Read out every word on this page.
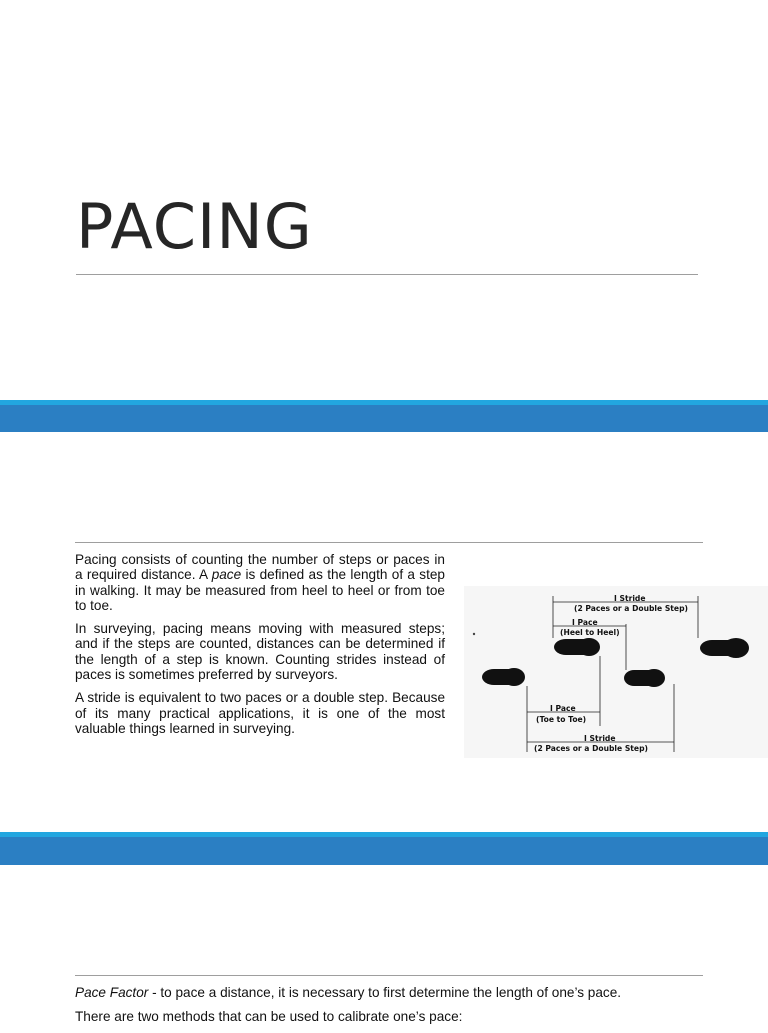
PACING

Pacing consists of counting the number of steps or paces in a required distance. A pace is defined as the length of a step in walking. It may be measured from heel to heel or from toe to toe.

In surveying, pacing means moving with measured steps; and if the steps are counted, distances can be determined if the length of a step is known. Counting strides instead of paces is sometimes preferred by surveyors.

A stride is equivalent to two paces or a double step. Because of its many practical applications, it is one of the most valuable things learned in surveying.

I Stride
(2 Paces or a Double Step)
I Pace
(Heel to Heel)
I Pace
(Toe to Toe)
I Stride
(2 Paces or a Double Step)

Pace Factor - to pace a distance, it is necessary to first determine the length of one’s pace.

There are two methods that can be used to calibrate one’s pace:
